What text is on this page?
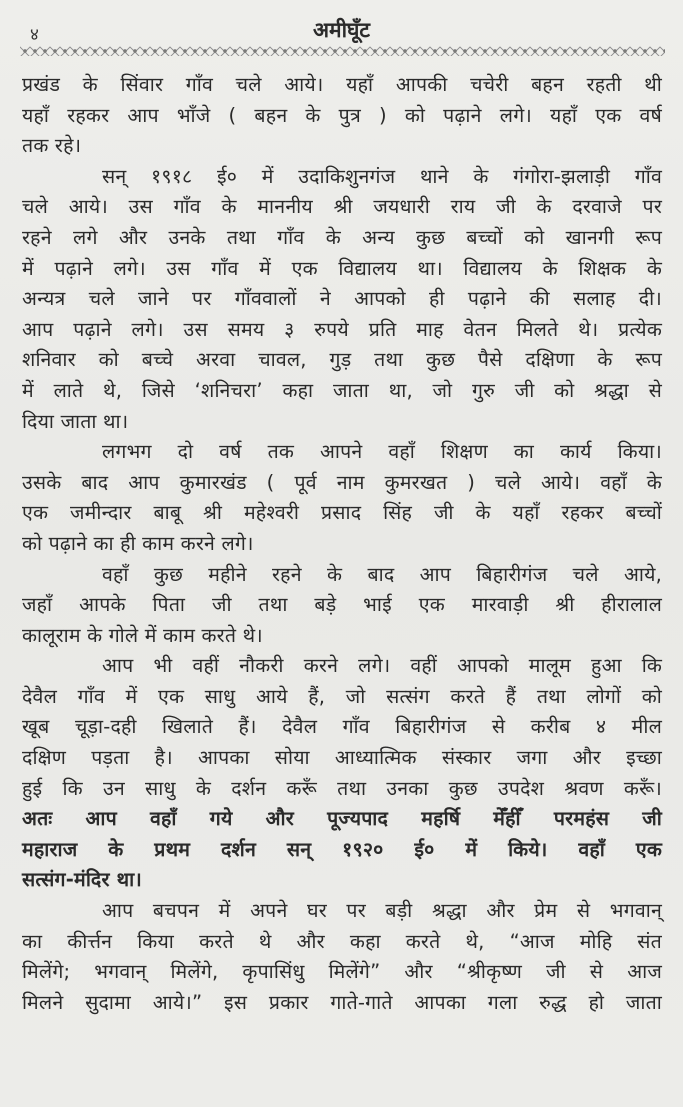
४	अमीघूँट

प्रखंड के सिंवार गाँव चले आये। यहाँ आपकी चचेरी बहन रहती थी
यहाँ रहकर आप भाँजे ( बहन के पुत्र ) को पढ़ाने लगे। यहाँ एक वर्ष
तक रहे।

सन् १९१८ ई० में उदाकिशुनगंज थाने के गंगोरा-झलाड़ी गाँव
चले आये। उस गाँव के माननीय श्री जयधारी राय जी के दरवाजे पर
रहने लगे और उनके तथा गाँव के अन्य कुछ बच्चों को खानगी रूप
में पढ़ाने लगे। उस गाँव में एक विद्यालय था। विद्यालय के शिक्षक के
अन्यत्र चले जाने पर गाँववालों ने आपको ही पढ़ाने की सलाह दी।
आप पढ़ाने लगे। उस समय ३ रुपये प्रति माह वेतन मिलते थे। प्रत्येक
शनिवार को बच्चे अरवा चावल, गुड़ तथा कुछ पैसे दक्षिणा के रूप
में लाते थे, जिसे ‘शनिचरा’ कहा जाता था, जो गुरु जी को श्रद्धा से
दिया जाता था।

लगभग दो वर्ष तक आपने वहाँ शिक्षण का कार्य किया।
उसके बाद आप कुमारखंड ( पूर्व नाम कुमरखत ) चले आये। वहाँ के
एक जमीन्दार बाबू श्री महेश्वरी प्रसाद सिंह जी के यहाँ रहकर बच्चों
को पढ़ाने का ही काम करने लगे।

वहाँ कुछ महीने रहने के बाद आप बिहारीगंज चले आये,
जहाँ आपके पिता जी तथा बड़े भाई एक मारवाड़ी श्री हीरालाल
कालूराम के गोले में काम करते थे।

आप भी वहीं नौकरी करने लगे। वहीं आपको मालूम हुआ कि
देवैल गाँव में एक साधु आये हैं, जो सत्संग करते हैं तथा लोगों को
खूब चूड़ा-दही खिलाते हैं। देवैल गाँव बिहारीगंज से करीब ४ मील
दक्षिण पड़ता है। आपका सोया आध्यात्मिक संस्कार जगा और इच्छा
हुई कि उन साधु के दर्शन करूँ तथा उनका कुछ उपदेश श्रवण करूँ।
अतः आप वहाँ गये और पूज्यपाद महर्षि मेँहीँ परमहंस जी
महाराज के प्रथम दर्शन सन् १९२० ई० में किये। वहाँ एक
सत्संग-मंदिर था।

आप बचपन में अपने घर पर बड़ी श्रद्धा और प्रेम से भगवान्
का कीर्त्तन किया करते थे और कहा करते थे, “आज मोहि संत
मिलेंगे; भगवान् मिलेंगे, कृपासिंधु मिलेंगे” और “श्रीकृष्ण जी से आज
मिलने सुदामा आये।” इस प्रकार गाते-गाते आपका गला रुद्ध हो जाता
